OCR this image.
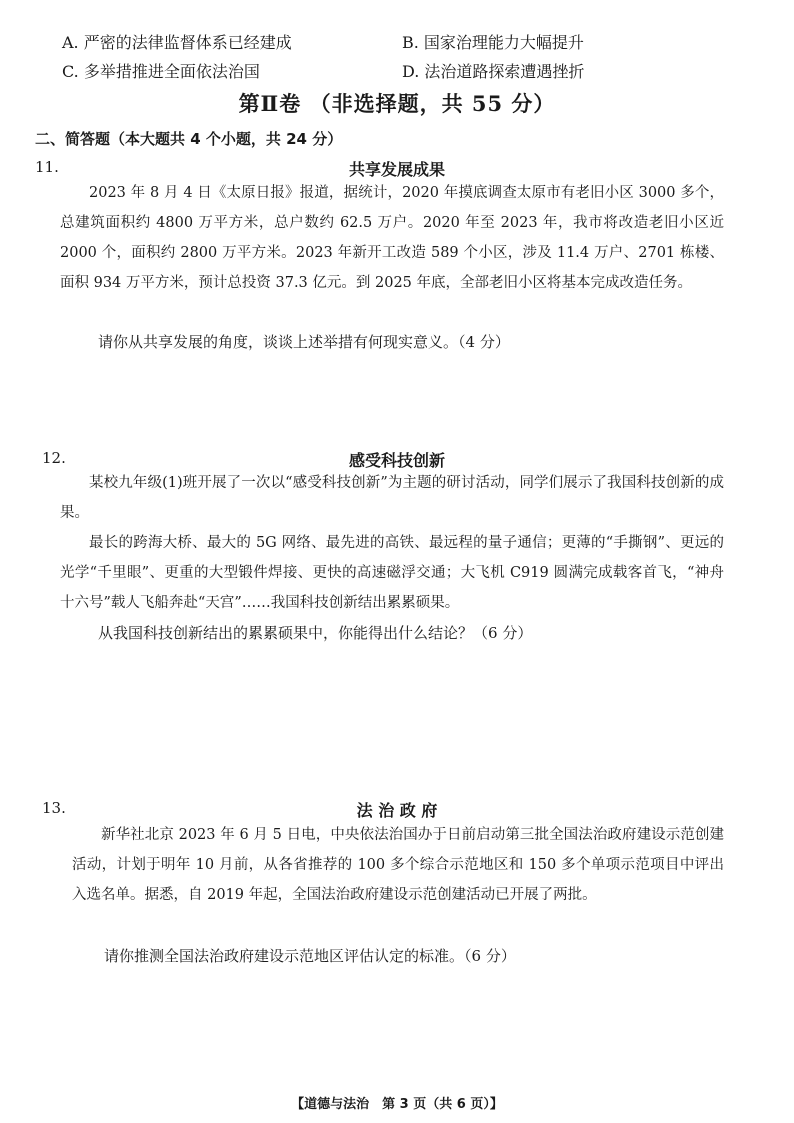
A. 严密的法律监督体系已经建成	B. 国家治理能力大幅提升
C. 多举措推进全面依法治国	D. 法治道路探索遭遇挫折
第Ⅱ卷 （非选择题，共 55 分）
二、简答题（本大题共 4 个小题，共 24 分）
11.	共享发展成果

2023 年 8 月 4 日《太原日报》报道，据统计，2020 年摸底调查太原市有老旧小区 3000 多个，总建筑面积约 4800 万平方米，总户数约 62.5 万户。2020 年至 2023 年，我市将改造老旧小区近 2000 个，面积约 2800 万平方米。2023 年新开工改造 589 个小区，涉及 11.4 万户、2701 栋楼、面积 934 万平方米，预计总投资 37.3 亿元。到 2025 年底，全部老旧小区将基本完成改造任务。

请你从共享发展的角度，谈谈上述举措有何现实意义。（4 分）

12.	感受科技创新

某校九年级(1)班开展了一次以“感受科技创新”为主题的研讨活动，同学们展示了我国科技创新的成果。

最长的跨海大桥、最大的 5G 网络、最先进的高铁、最远程的量子通信；更薄的“手撕钢”、更远的光学“千里眼”、更重的大型锻件焊接、更快的高速磁浮交通；大飞机 C919 圆满完成载客首飞，“神舟十六号”载人飞船奔赴“天宫”……我国科技创新结出累累硕果。

从我国科技创新结出的累累硕果中，你能得出什么结论？（6 分）

13.	法 治 政 府

新华社北京 2023 年 6 月 5 日电，中央依法治国办于日前启动第三批全国法治政府建设示范创建活动，计划于明年 10 月前，从各省推荐的 100 多个综合示范地区和 150 多个单项示范项目中评出入选名单。据悉，自 2019 年起，全国法治政府建设示范创建活动已开展了两批。

请你推测全国法治政府建设示范地区评估认定的标准。（6 分）

【道德与法治　第 3 页（共 6 页）】
